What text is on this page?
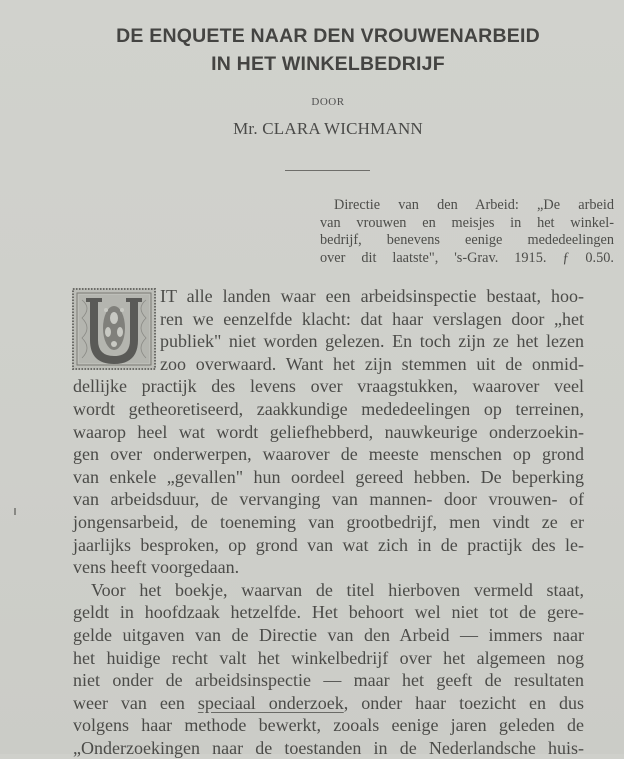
DE ENQUETE NAAR DEN VROUWENARBEID
IN HET WINKELBEDRIJF
DOOR
Mr. CLARA WICHMANN
Directie van den Arbeid: „De arbeid
van vrouwen en meisjes in het winkel-
bedrijf, benevens eenige mededeelingen
over dit laatste", 's-Grav. 1915. ƒ 0.50.
IT alle landen waar een arbeidsinspectie bestaat, hoo-
ren we eenzelfde klacht: dat haar verslagen door „het
publiek" niet worden gelezen. En toch zijn ze het lezen
zoo overwaard. Want het zijn stemmen uit de onmid-
dellijke practijk des levens over vraagstukken, waarover veel
wordt getheoretiseerd, zaakkundige mededeelingen op terreinen,
waarop heel wat wordt geliefhebberd, nauwkeurige onderzoekin-
gen over onderwerpen, waarover de meeste menschen op grond
van enkele „gevallen" hun oordeel gereed hebben. De beperking
van arbeidsduur, de vervanging van mannen- door vrouwen- of
jongensarbeid, de toeneming van grootbedrijf, men vindt ze er
jaarlijks besproken, op grond van wat zich in de practijk des le-
vens heeft voorgedaan.
Voor het boekje, waarvan de titel hierboven vermeld staat,
geldt in hoofdzaak hetzelfde. Het behoort wel niet tot de gere-
gelde uitgaven van de Directie van den Arbeid — immers naar
het huidige recht valt het winkelbedrijf over het algemeen nog
niet onder de arbeidsinspectie — maar het geeft de resultaten
weer van een speciaal onderzoek, onder haar toezicht en dus
volgens haar methode bewerkt, zooals eenige jaren geleden de
„Onderzoekingen naar de toestanden in de Nederlandsche huis-
